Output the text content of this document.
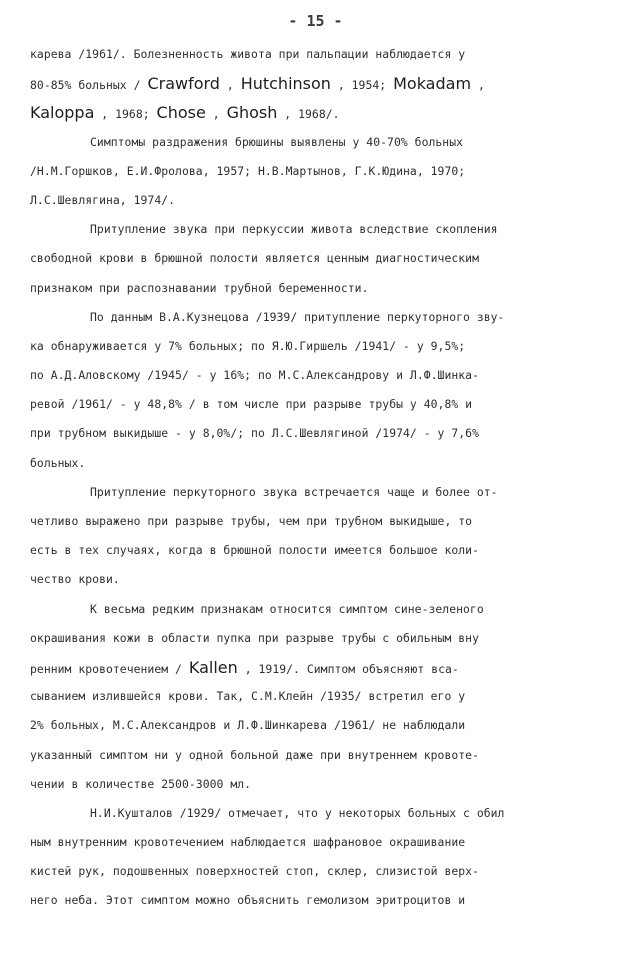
- 15 -
карева /1961/. Болезненность живота при пальпации наблюдается у
80-85% больных / Crawford , Hutchinson , 1954; Mokadam ,
Kaloppa , 1968; Chose , Ghosh , 1968/.
Симптомы раздражения брюшины выявлены у 40-70% больных
/Н.М.Горшков, Е.И.Фролова, 1957; Н.В.Мартынов, Г.К.Юдина, 1970;
Л.С.Шевлягина, 1974/.
Притупление звука при перкуссии живота вследствие скопления
свободной крови в брюшной полости является ценным диагностическим
признаком при распознавании трубной беременности.
По данным В.А.Кузнецова /1939/ притупление перкуторного зву-
ка обнаруживается у 7% больных; по Я.Ю.Гиршель /1941/ - у 9,5%;
по А.Д.Аловскому /1945/ - у 16%; по М.С.Александрову и Л.Ф.Шинка-
ревой /1961/ - у 48,8% / в том числе при разрыве трубы у 40,8% и
при трубном выкидыше - у 8,0%/; по Л.С.Шевлягиной /1974/ - у 7,6%
больных.
Притупление перкуторного звука встречается чаще и более от-
четливо выражено при разрыве трубы, чем при трубном выкидыше, то
есть в тех случаях, когда в брюшной полости имеется большое коли-
чество крови.
К весьма редким признакам относится симптом сине-зеленого
окрашивания кожи в области пупка при разрыве трубы с обильным вну
ренним кровотечением / Kallen , 1919/. Симптом объясняют вса-
сыванием излившейся крови. Так, С.М.Клейн /1935/ встретил его у
2% больных, М.С.Александров и Л.Ф.Шинкарева /1961/ не наблюдали
указанный симптом ни у одной больной даже при внутреннем кровоте-
чении в количестве 2500-3000 мл.
Н.И.Кушталов /1929/ отмечает, что у некоторых больных с обил
ным внутренним кровотечением наблюдается шафрановое окрашивание
кистей рук, подошвенных поверхностей стоп, склер, слизистой верх-
него неба. Этот симптом можно объяснить гемолизом эритроцитов и
